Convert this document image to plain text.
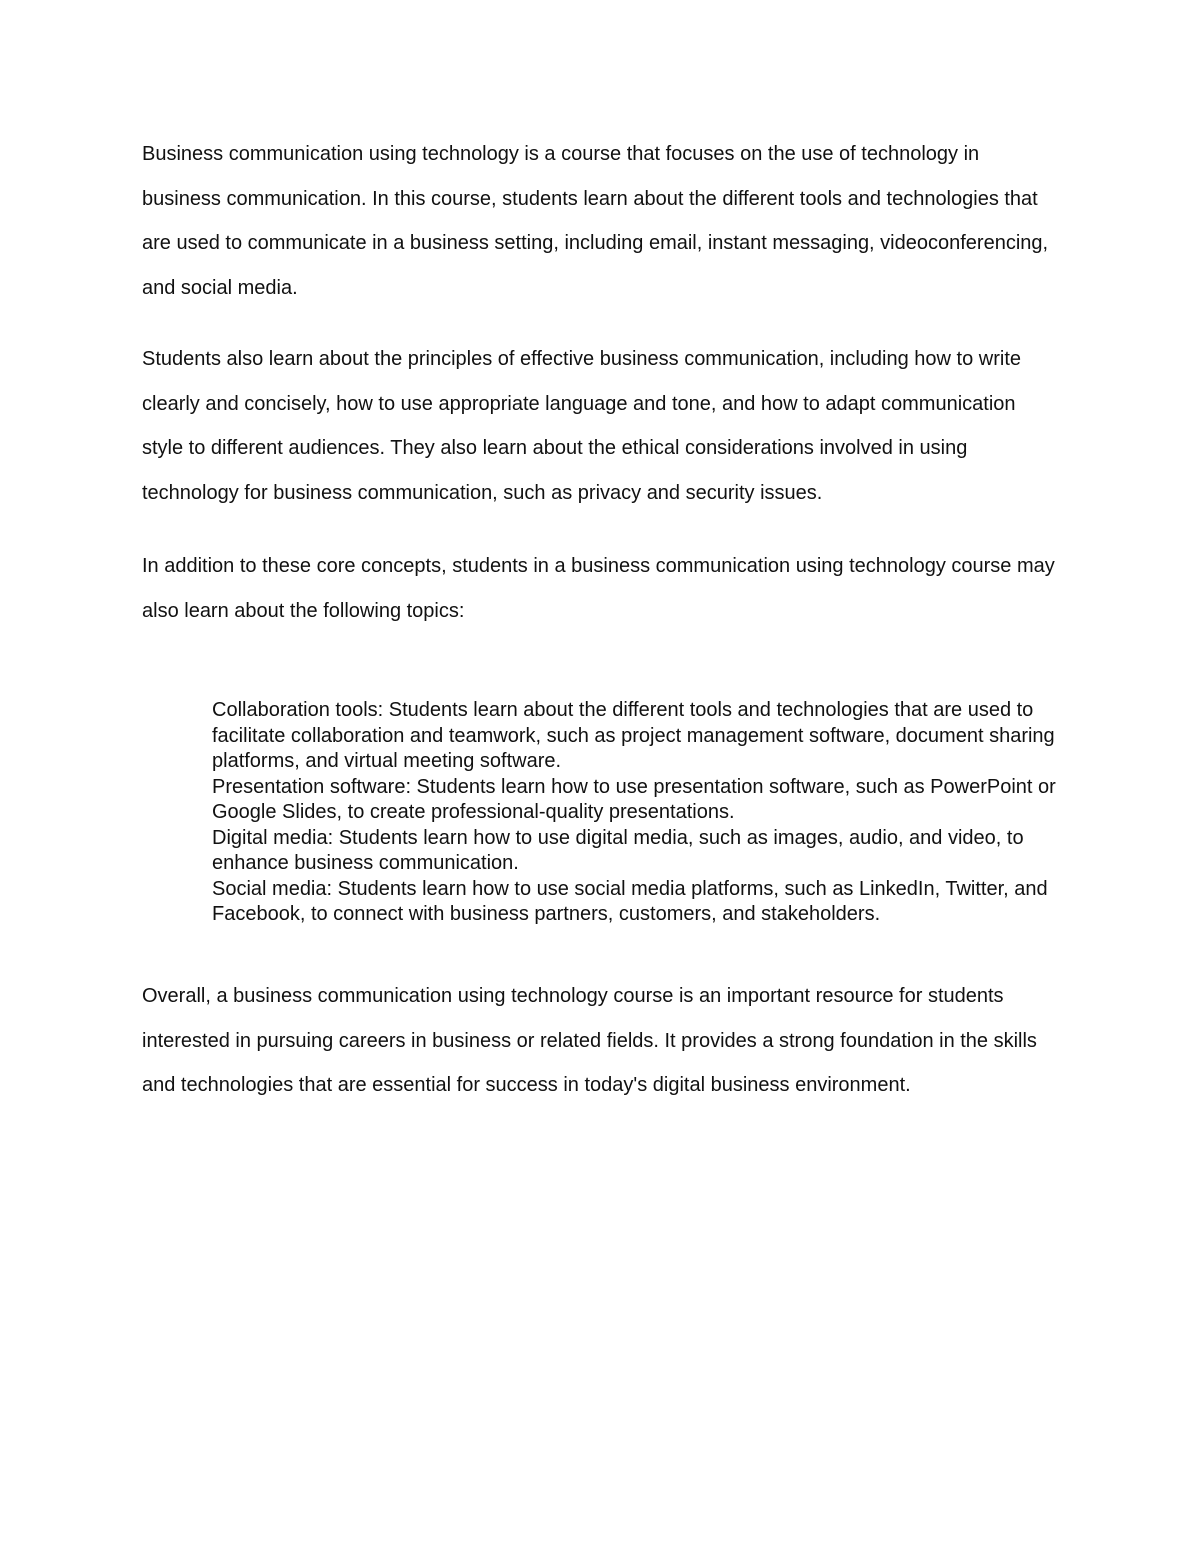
Business communication using technology is a course that focuses on the use of technology in business communication. In this course, students learn about the different tools and technologies that are used to communicate in a business setting, including email, instant messaging, videoconferencing, and social media.

Students also learn about the principles of effective business communication, including how to write clearly and concisely, how to use appropriate language and tone, and how to adapt communication style to different audiences. They also learn about the ethical considerations involved in using technology for business communication, such as privacy and security issues.

In addition to these core concepts, students in a business communication using technology course may also learn about the following topics:

Collaboration tools: Students learn about the different tools and technologies that are used to facilitate collaboration and teamwork, such as project management software, document sharing platforms, and virtual meeting software.
Presentation software: Students learn how to use presentation software, such as PowerPoint or Google Slides, to create professional-quality presentations.
Digital media: Students learn how to use digital media, such as images, audio, and video, to enhance business communication.
Social media: Students learn how to use social media platforms, such as LinkedIn, Twitter, and Facebook, to connect with business partners, customers, and stakeholders.

Overall, a business communication using technology course is an important resource for students interested in pursuing careers in business or related fields. It provides a strong foundation in the skills and technologies that are essential for success in today's digital business environment.
